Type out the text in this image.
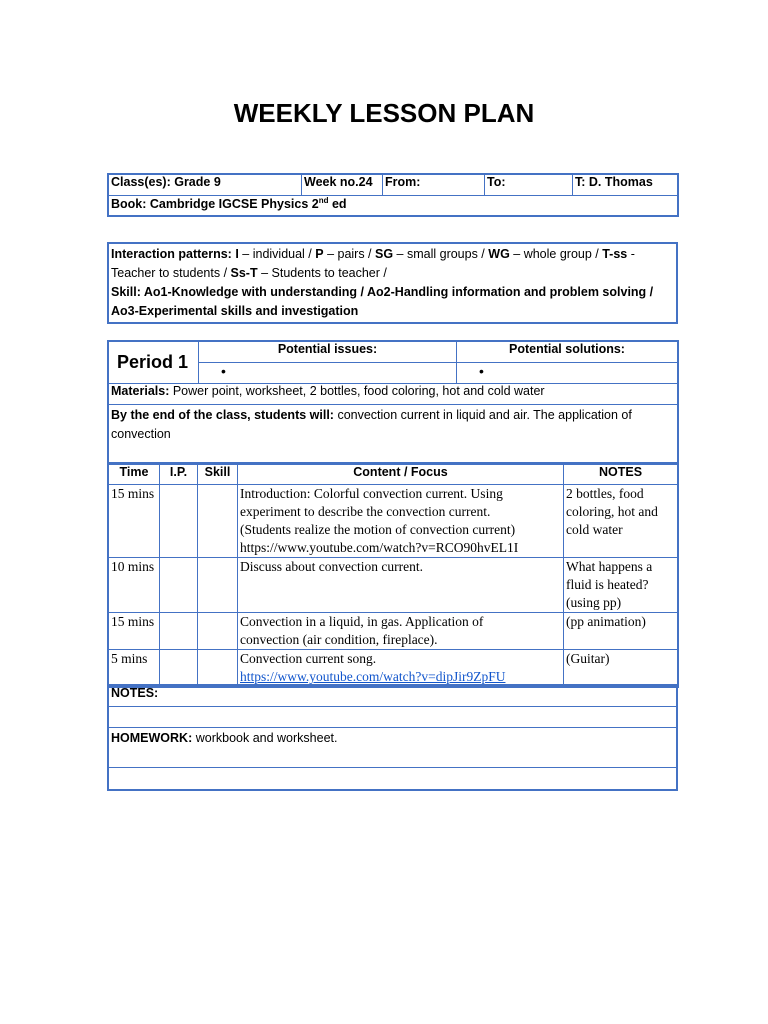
WEEKLY LESSON PLAN
Class(es): Grade 9	Week no.24	From:	To:	T: D. Thomas
Book: Cambridge IGCSE Physics 2nd ed
Interaction patterns: I – individual / P – pairs / SG – small groups / WG – whole group / T-ss - Teacher to students / Ss-T – Students to teacher /
Skill: Ao1-Knowledge with understanding / Ao2-Handling information and problem solving / Ao3-Experimental skills and investigation
Period 1	Potential issues:	Potential solutions:
	•	•
Materials: Power point, worksheet, 2 bottles, food coloring, hot and cold water		
By the end of the class, students will: convection current in liquid and air. The application of convection		
Time	I.P.	Skill	Content / Focus	NOTES
15 mins			Introduction: Colorful convection current. Using
experiment to describe the convection current.
(Students realize the motion of convection current)
https://www.youtube.com/watch?v=RCO90hvEL1I	2 bottles, food coloring, hot and cold water
10 mins			Discuss about convection current.	What happens a fluid is heated? (using pp)
15 mins			Convection in a liquid, in gas. Application of
convection (air condition, fireplace).	(pp animation)
5 mins			Convection current song.
https://www.youtube.com/watch?v=dipJir9ZpFU	(Guitar)
NOTES:

HOMEWORK: workbook and worksheet.
